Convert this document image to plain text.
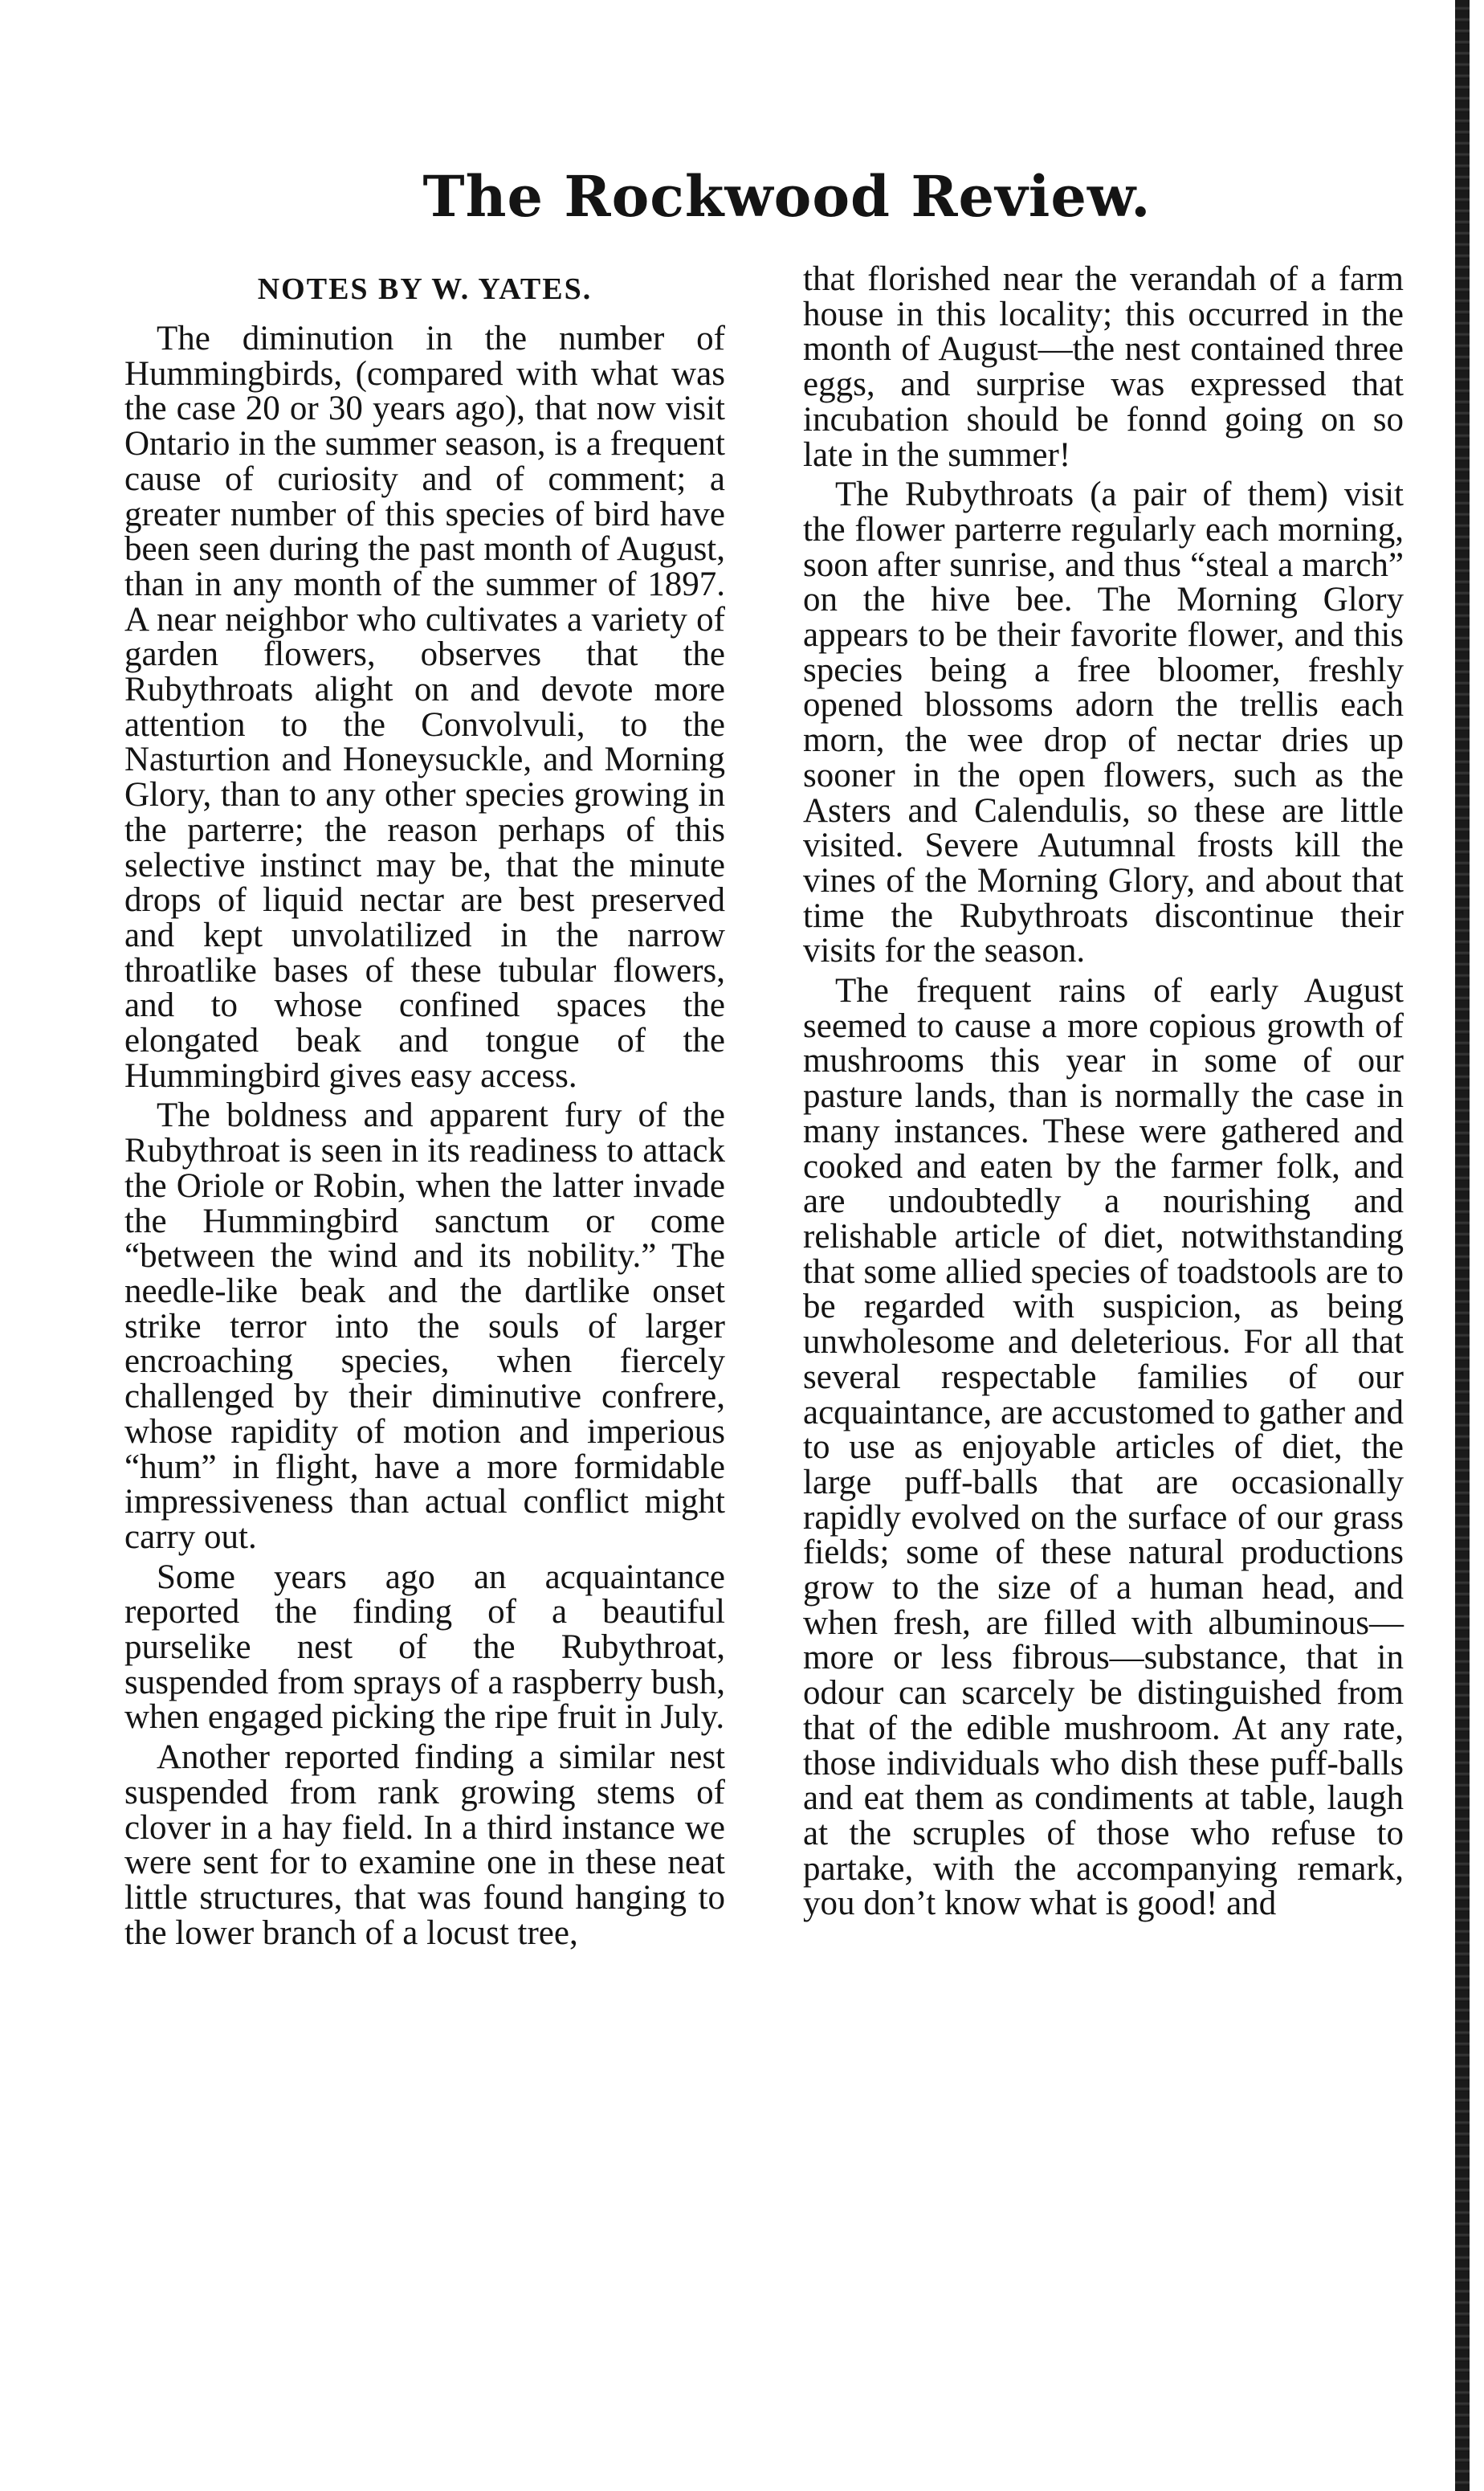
The Rockwood Review.
NOTES BY W. YATES.

The diminution in the number of Hummingbirds, (compared with what was the case 20 or 30 years ago), that now visit Ontario in the summer season, is a frequent cause of curiosity and of comment; a greater number of this species of bird have been seen during the past month of August, than in any month of the summer of 1897. A near neighbor who cultivates a variety of garden flowers, observes that the Rubythroats alight on and devote more attention to the Convolvuli, to the Nasturtion and Honeysuckle, and Morning Glory, than to any other species growing in the parterre; the reason perhaps of this selective instinct may be, that the minute drops of liquid nectar are best preserved and kept unvolatilized in the narrow throatlike bases of these tubular flowers, and to whose confined spaces the elongated beak and tongue of the Hummingbird gives easy access.

The boldness and apparent fury of the Rubythroat is seen in its readiness to attack the Oriole or Robin, when the latter invade the Hummingbird sanctum or come “between the wind and its nobility.” The needle-like beak and the dartlike onset strike terror into the souls of larger encroaching species, when fiercely challenged by their diminutive confrere, whose rapidity of motion and imperious “hum” in flight, have a more formidable impressiveness than actual conflict might carry out.

Some years ago an acquaintance reported the finding of a beautiful purselike nest of the Rubythroat, suspended from sprays of a raspberry bush, when engaged picking the ripe fruit in July.

Another reported finding a similar nest suspended from rank growing stems of clover in a hay field. In a third instance we were sent for to examine one in these neat little structures, that was found hanging to the lower branch of a locust tree,

that florished near the verandah of a farm house in this locality; this occurred in the month of August—the nest contained three eggs, and surprise was expressed that incubation should be fonnd going on so late in the summer!

The Rubythroats (a pair of them) visit the flower parterre regularly each morning, soon after sunrise, and thus “steal a march” on the hive bee. The Morning Glory appears to be their favorite flower, and this species being a free bloomer, freshly opened blossoms adorn the trellis each morn, the wee drop of nectar dries up sooner in the open flowers, such as the Asters and Calendulis, so these are little visited. Severe Autumnal frosts kill the vines of the Morning Glory, and about that time the Rubythroats discontinue their visits for the season.

The frequent rains of early August seemed to cause a more copious growth of mushrooms this year in some of our pasture lands, than is normally the case in many instances. These were gathered and cooked and eaten by the farmer folk, and are undoubtedly a nourishing and relishable article of diet, notwithstanding that some allied species of toadstools are to be regarded with suspicion, as being unwholesome and deleterious. For all that several respectable families of our acquaintance, are accustomed to gather and to use as enjoyable articles of diet, the large puff-balls that are occasionally rapidly evolved on the surface of our grass fields; some of these natural productions grow to the size of a human head, and when fresh, are filled with albuminous—more or less fibrous—substance, that in odour can scarcely be distinguished from that of the edible mushroom. At any rate, those individuals who dish these puff-balls and eat them as condiments at table, laugh at the scruples of those who refuse to partake, with the accompanying remark, you don’t know what is good! and
